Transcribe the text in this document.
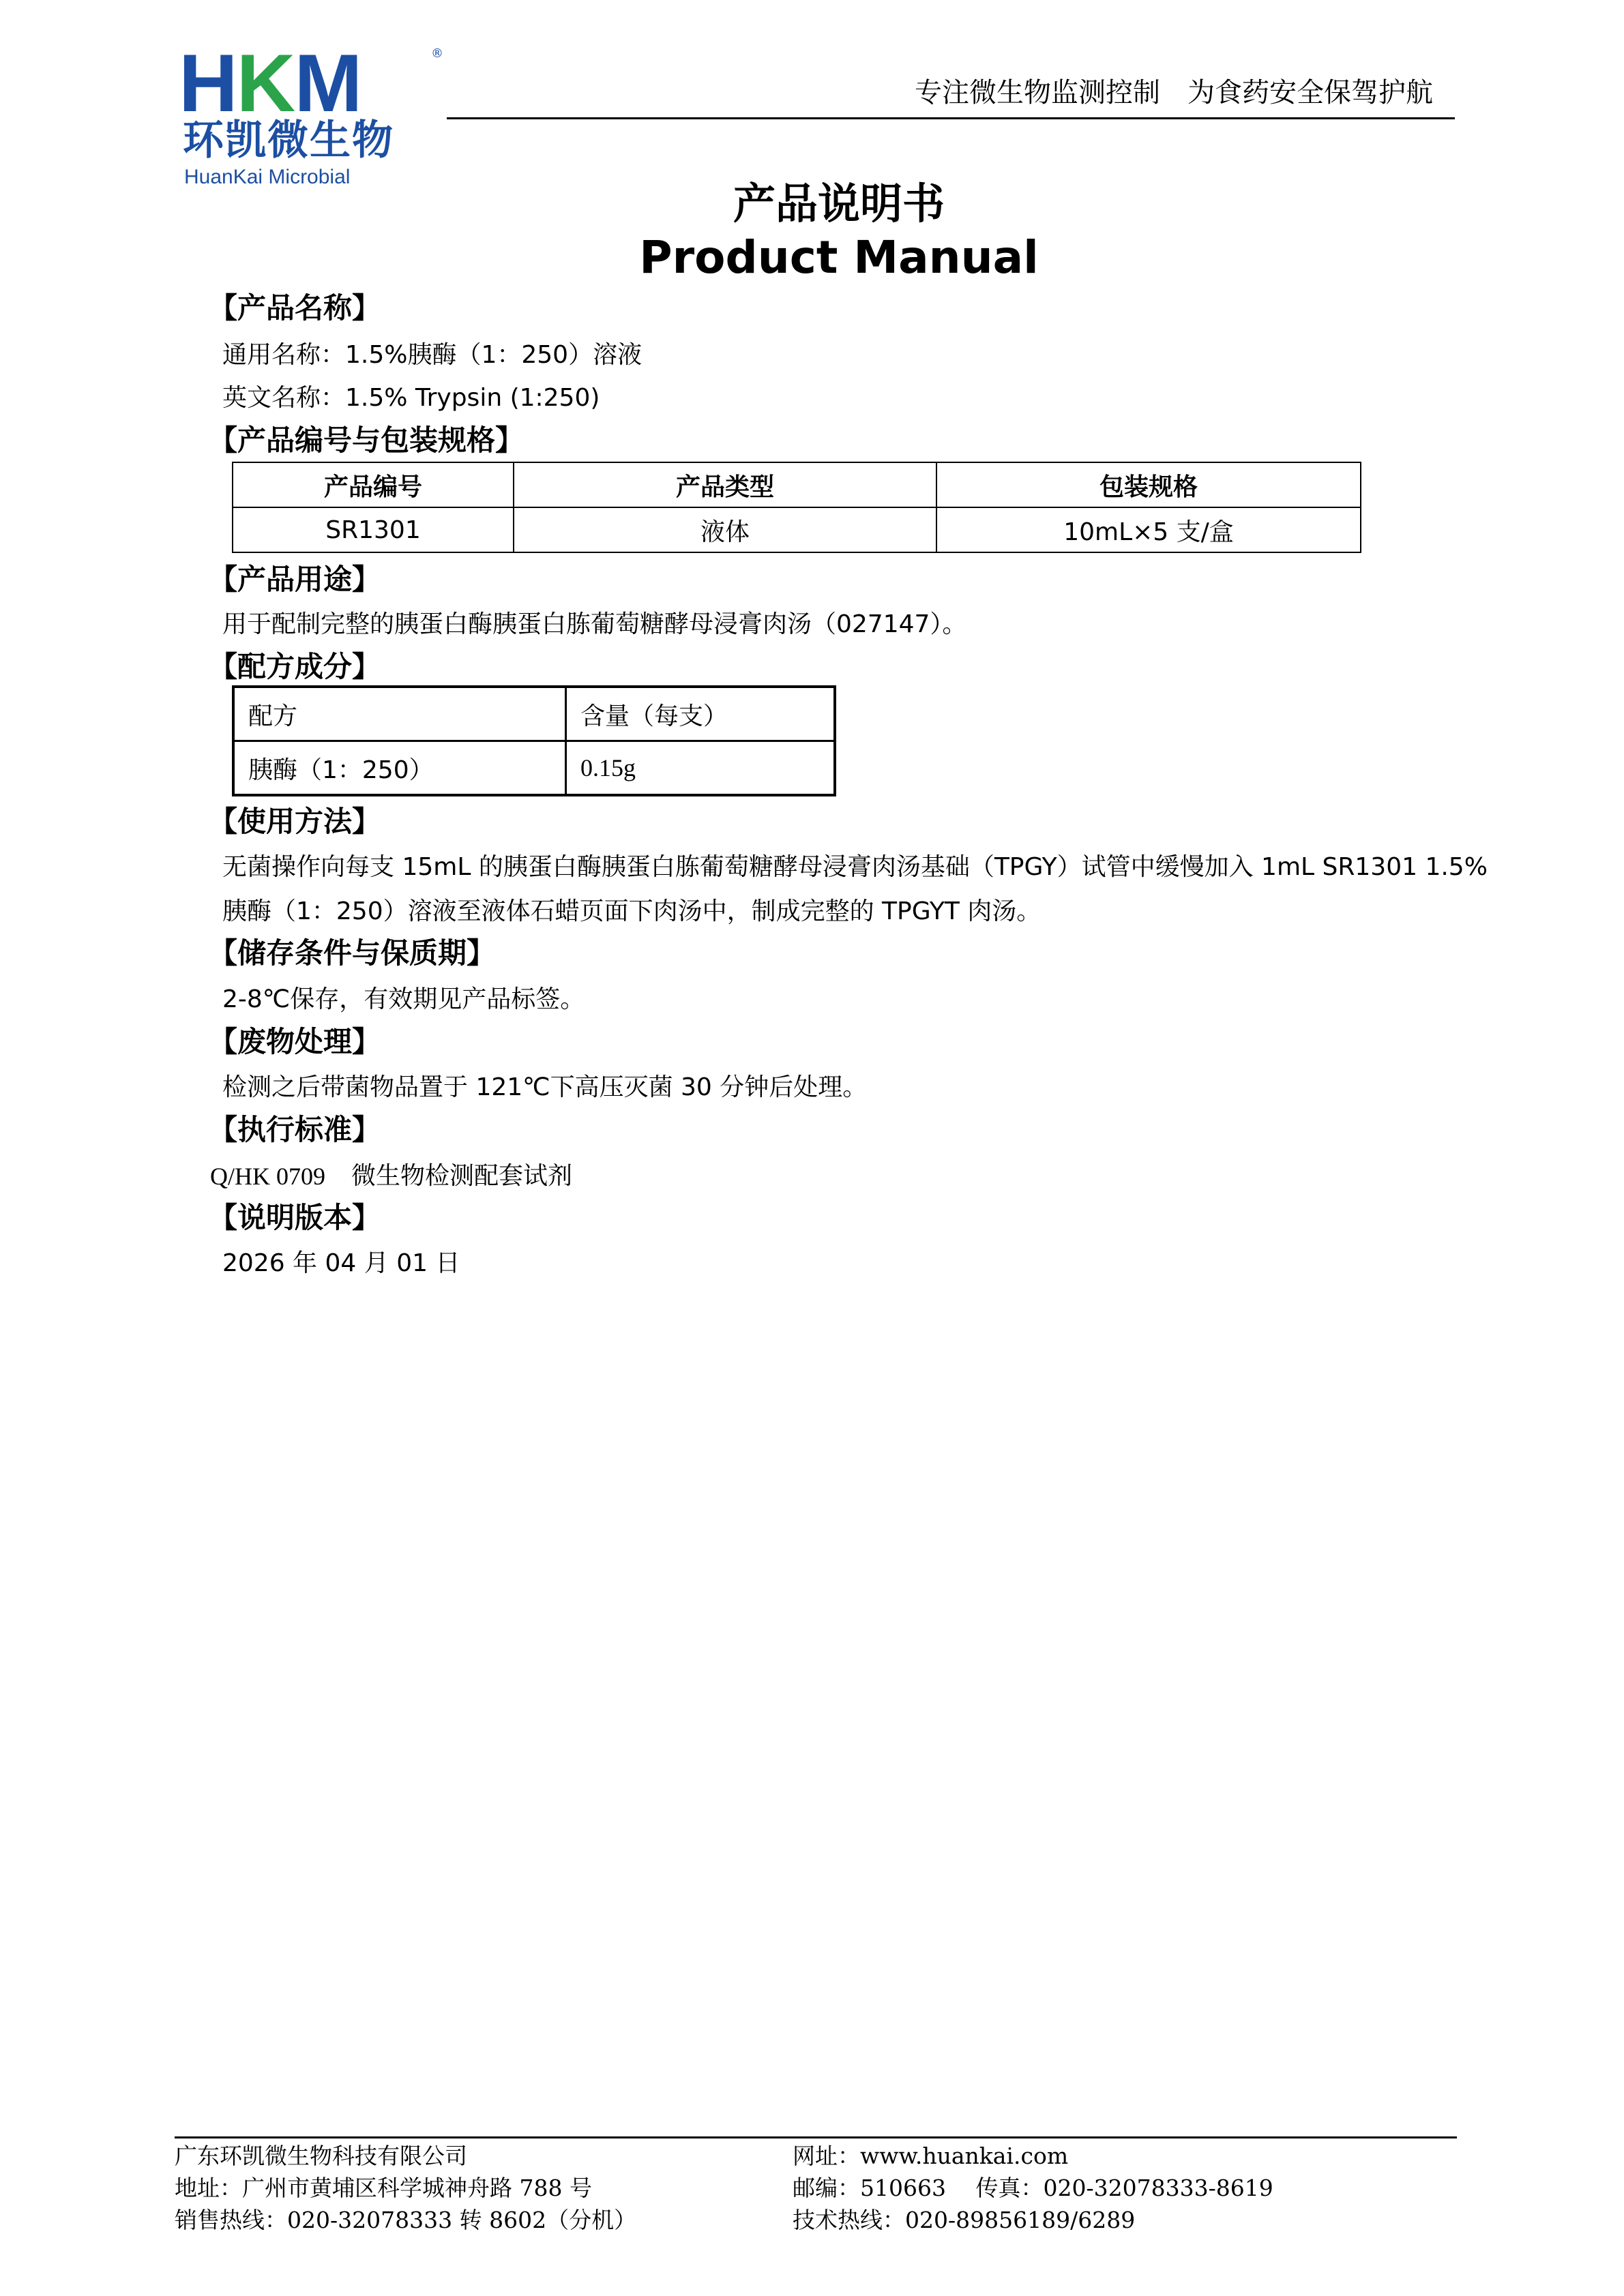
HKM	®
环凯微生物
HuanKai Microbial
专注微生物监测控制　为食药安全保驾护航
产品说明书
Product Manual
【产品名称】
通用名称：1.5%胰酶（1：250）溶液
英文名称：1.5% Trypsin (1:250)
【产品编号与包装规格】
产品编号	产品类型	包装规格
SR1301	液体	10mL×5 支/盒
【产品用途】
用于配制完整的胰蛋白酶胰蛋白胨葡萄糖酵母浸膏肉汤（027147）。
【配方成分】
配方	含量（每支）
胰酶（1：250）	0.15g
【使用方法】
无菌操作向每支 15mL 的胰蛋白酶胰蛋白胨葡萄糖酵母浸膏肉汤基础（TPGY）试管中缓慢加入 1mL SR1301 1.5%
胰酶（1：250）溶液至液体石蜡页面下肉汤中，制成完整的 TPGYT 肉汤。
【储存条件与保质期】
2-8℃保存，有效期见产品标签。
【废物处理】
检测之后带菌物品置于 121℃下高压灭菌 30 分钟后处理。
【执行标准】
Q/HK 0709 微生物检测配套试剂
【说明版本】
2026 年 04 月 01 日
广东环凯微生物科技有限公司
地址：广州市黄埔区科学城神舟路 788 号
销售热线：020-32078333 转 8602（分机）
网址：www.huankai.com
邮编：510663　 传真：020-32078333-8619
技术热线：020-89856189/6289
